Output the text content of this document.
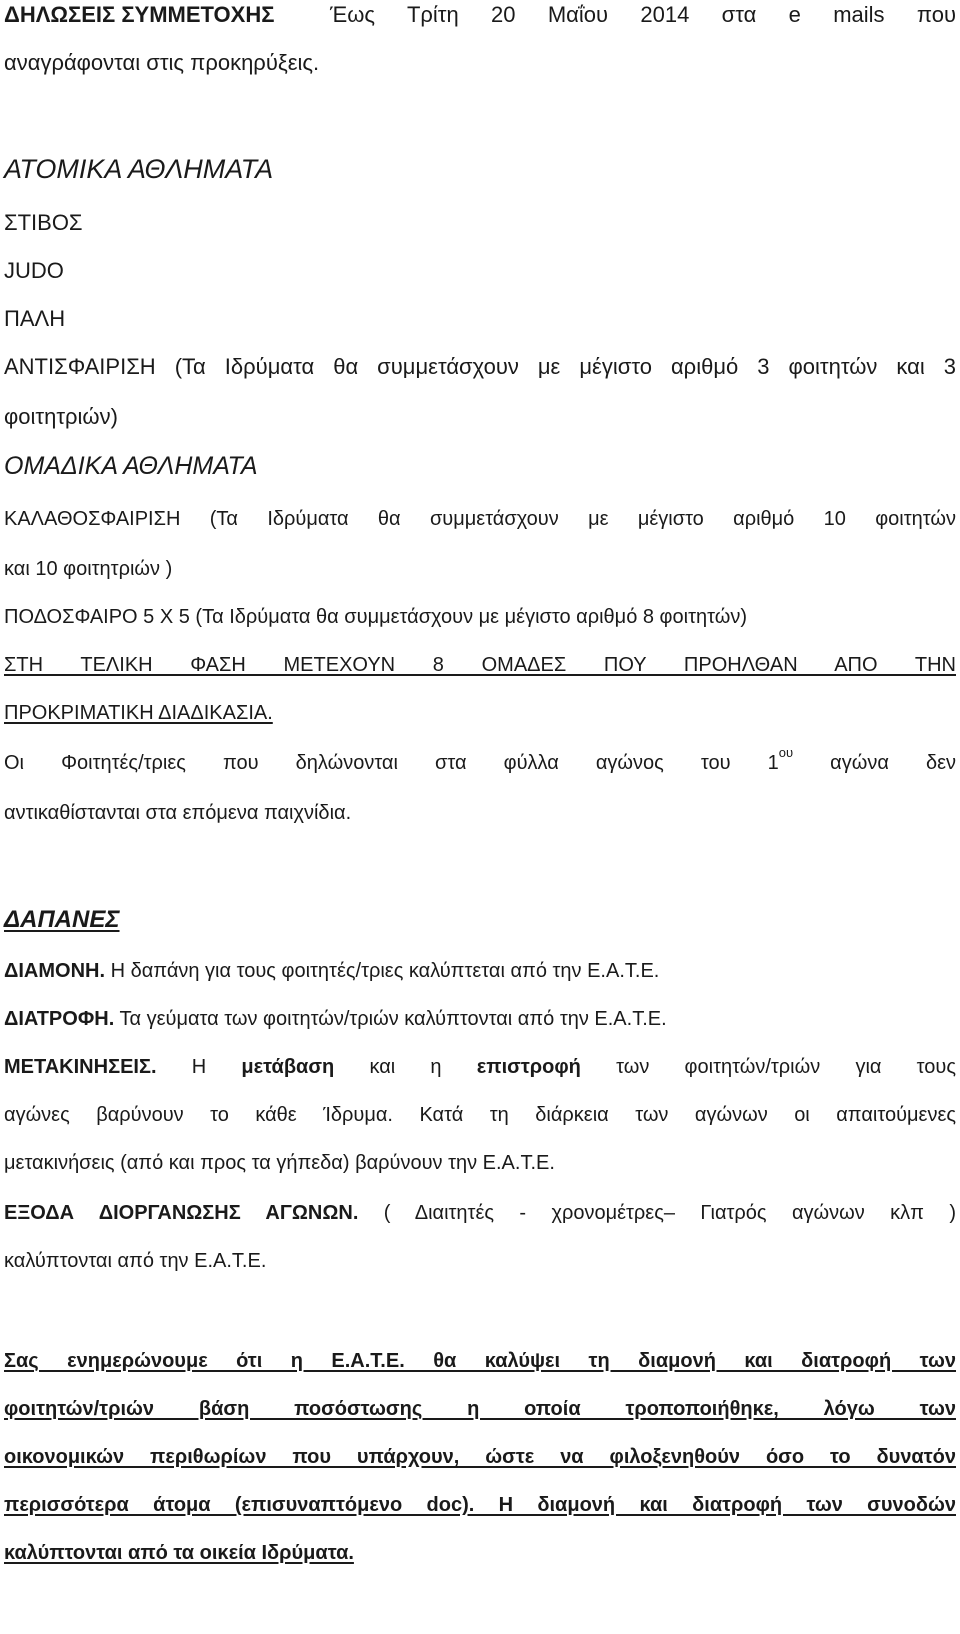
ΔΗΛΩΣΕΙΣ ΣΥΜΜΕΤΟΧΗΣ	Έως Τρίτη 20 Μαΐου 2014 στα e mails που
αναγράφονται στις προκηρύξεις.
ΑΤΟΜΙΚΑ ΑΘΛΗΜΑΤΑ
ΣΤΙΒΟΣ
JUDO
ΠΑΛΗ
ΑΝΤΙΣΦΑΙΡΙΣΗ (Τα Ιδρύματα θα συμμετάσχουν με μέγιστο αριθμό 3 φοιτητών και 3
φοιτητριών)
ΟΜΑΔΙΚΑ ΑΘΛΗΜΑΤΑ
ΚΑΛΑΘΟΣΦΑΙΡΙΣΗ (Τα Ιδρύματα θα συμμετάσχουν με μέγιστο αριθμό 10 φοιτητών
και 10 φοιτητριών )
ΠΟΔΟΣΦΑΙΡΟ 5 Χ 5 (Τα Ιδρύματα θα συμμετάσχουν με μέγιστο αριθμό 8 φοιτητών)
ΣΤΗ ΤΕΛΙΚΗ ΦΑΣΗ ΜΕΤΕΧΟΥΝ 8 ΟΜΑΔΕΣ ΠΟΥ ΠΡΟΗΛΘΑΝ ΑΠΟ ΤΗΝ
ΠΡΟΚΡΙΜΑΤΙΚΗ ΔΙΑΔΙΚΑΣΙΑ.
Οι Φοιτητές/τριες που δηλώνονται στα φύλλα αγώνος του $1^{o\upsilon}$ αγώνα δεν
αντικαθίστανται στα επόμενα παιχνίδια.
ΔΑΠΑΝΕΣ
ΔΙΑΜΟΝΗ. Η δαπάνη για τους φοιτητές/τριες καλύπτεται από την Ε.Α.Τ.Ε.
ΔΙΑΤΡΟΦΗ. Τα γεύματα των φοιτητών/τριών καλύπτονται από την Ε.Α.Τ.Ε.
ΜΕΤΑΚΙΝΗΣΕΙΣ. Η μετάβαση και η επιστροφή των φοιτητών/τριών για τους
αγώνες βαρύνουν το κάθε Ίδρυμα. Κατά τη διάρκεια των αγώνων οι απαιτούμενες
μετακινήσεις (από και προς τα γήπεδα) βαρύνουν την Ε.Α.Τ.Ε.
ΕΞΟΔΑ ΔΙΟΡΓΑΝΩΣΗΣ ΑΓΩΝΩΝ. ( Διαιτητές - χρονομέτρες– Γιατρός αγώνων κλπ )
καλύπτονται από την Ε.Α.Τ.Ε.
Σας ενημερώνουμε ότι η Ε.Α.Τ.Ε. θα καλύψει τη διαμονή και διατροφή των
φοιτητών/τριών βάση ποσόστωσης η οποία τροποποιήθηκε, λόγω των
οικονομικών περιθωρίων που υπάρχουν, ώστε να φιλοξενηθούν όσο το δυνατόν
περισσότερα άτομα (επισυναπτόμενο doc). Η διαμονή και διατροφή των συνοδών
καλύπτονται από τα οικεία Ιδρύματα.
